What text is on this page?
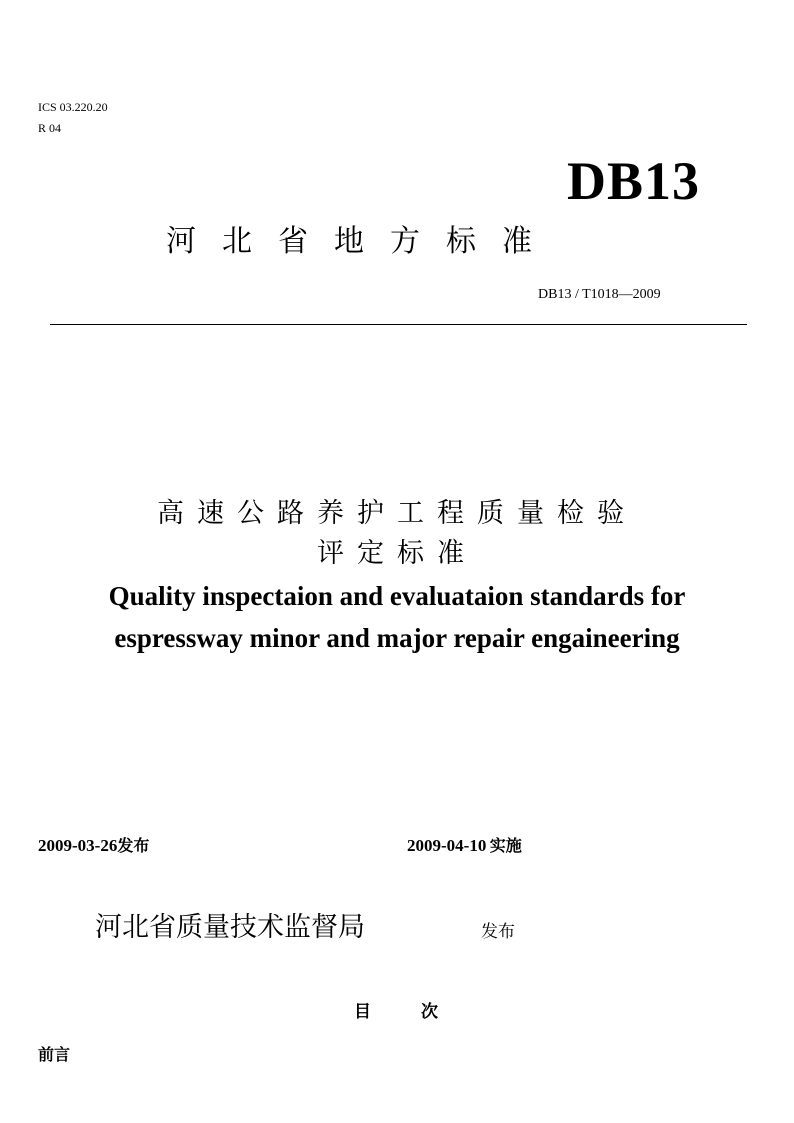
ICS 03.220.20
R 04
DB13
河北省地方标准
DB13 / T1018—2009
高速公路养护工程质量检验
评定标准
Quality inspectaion and evaluataion standards for
espressway minor and major repair engaineering
2009-03-26发布	2009-04-10  实施
河北省质量技术监督局	发布
目次
前言
